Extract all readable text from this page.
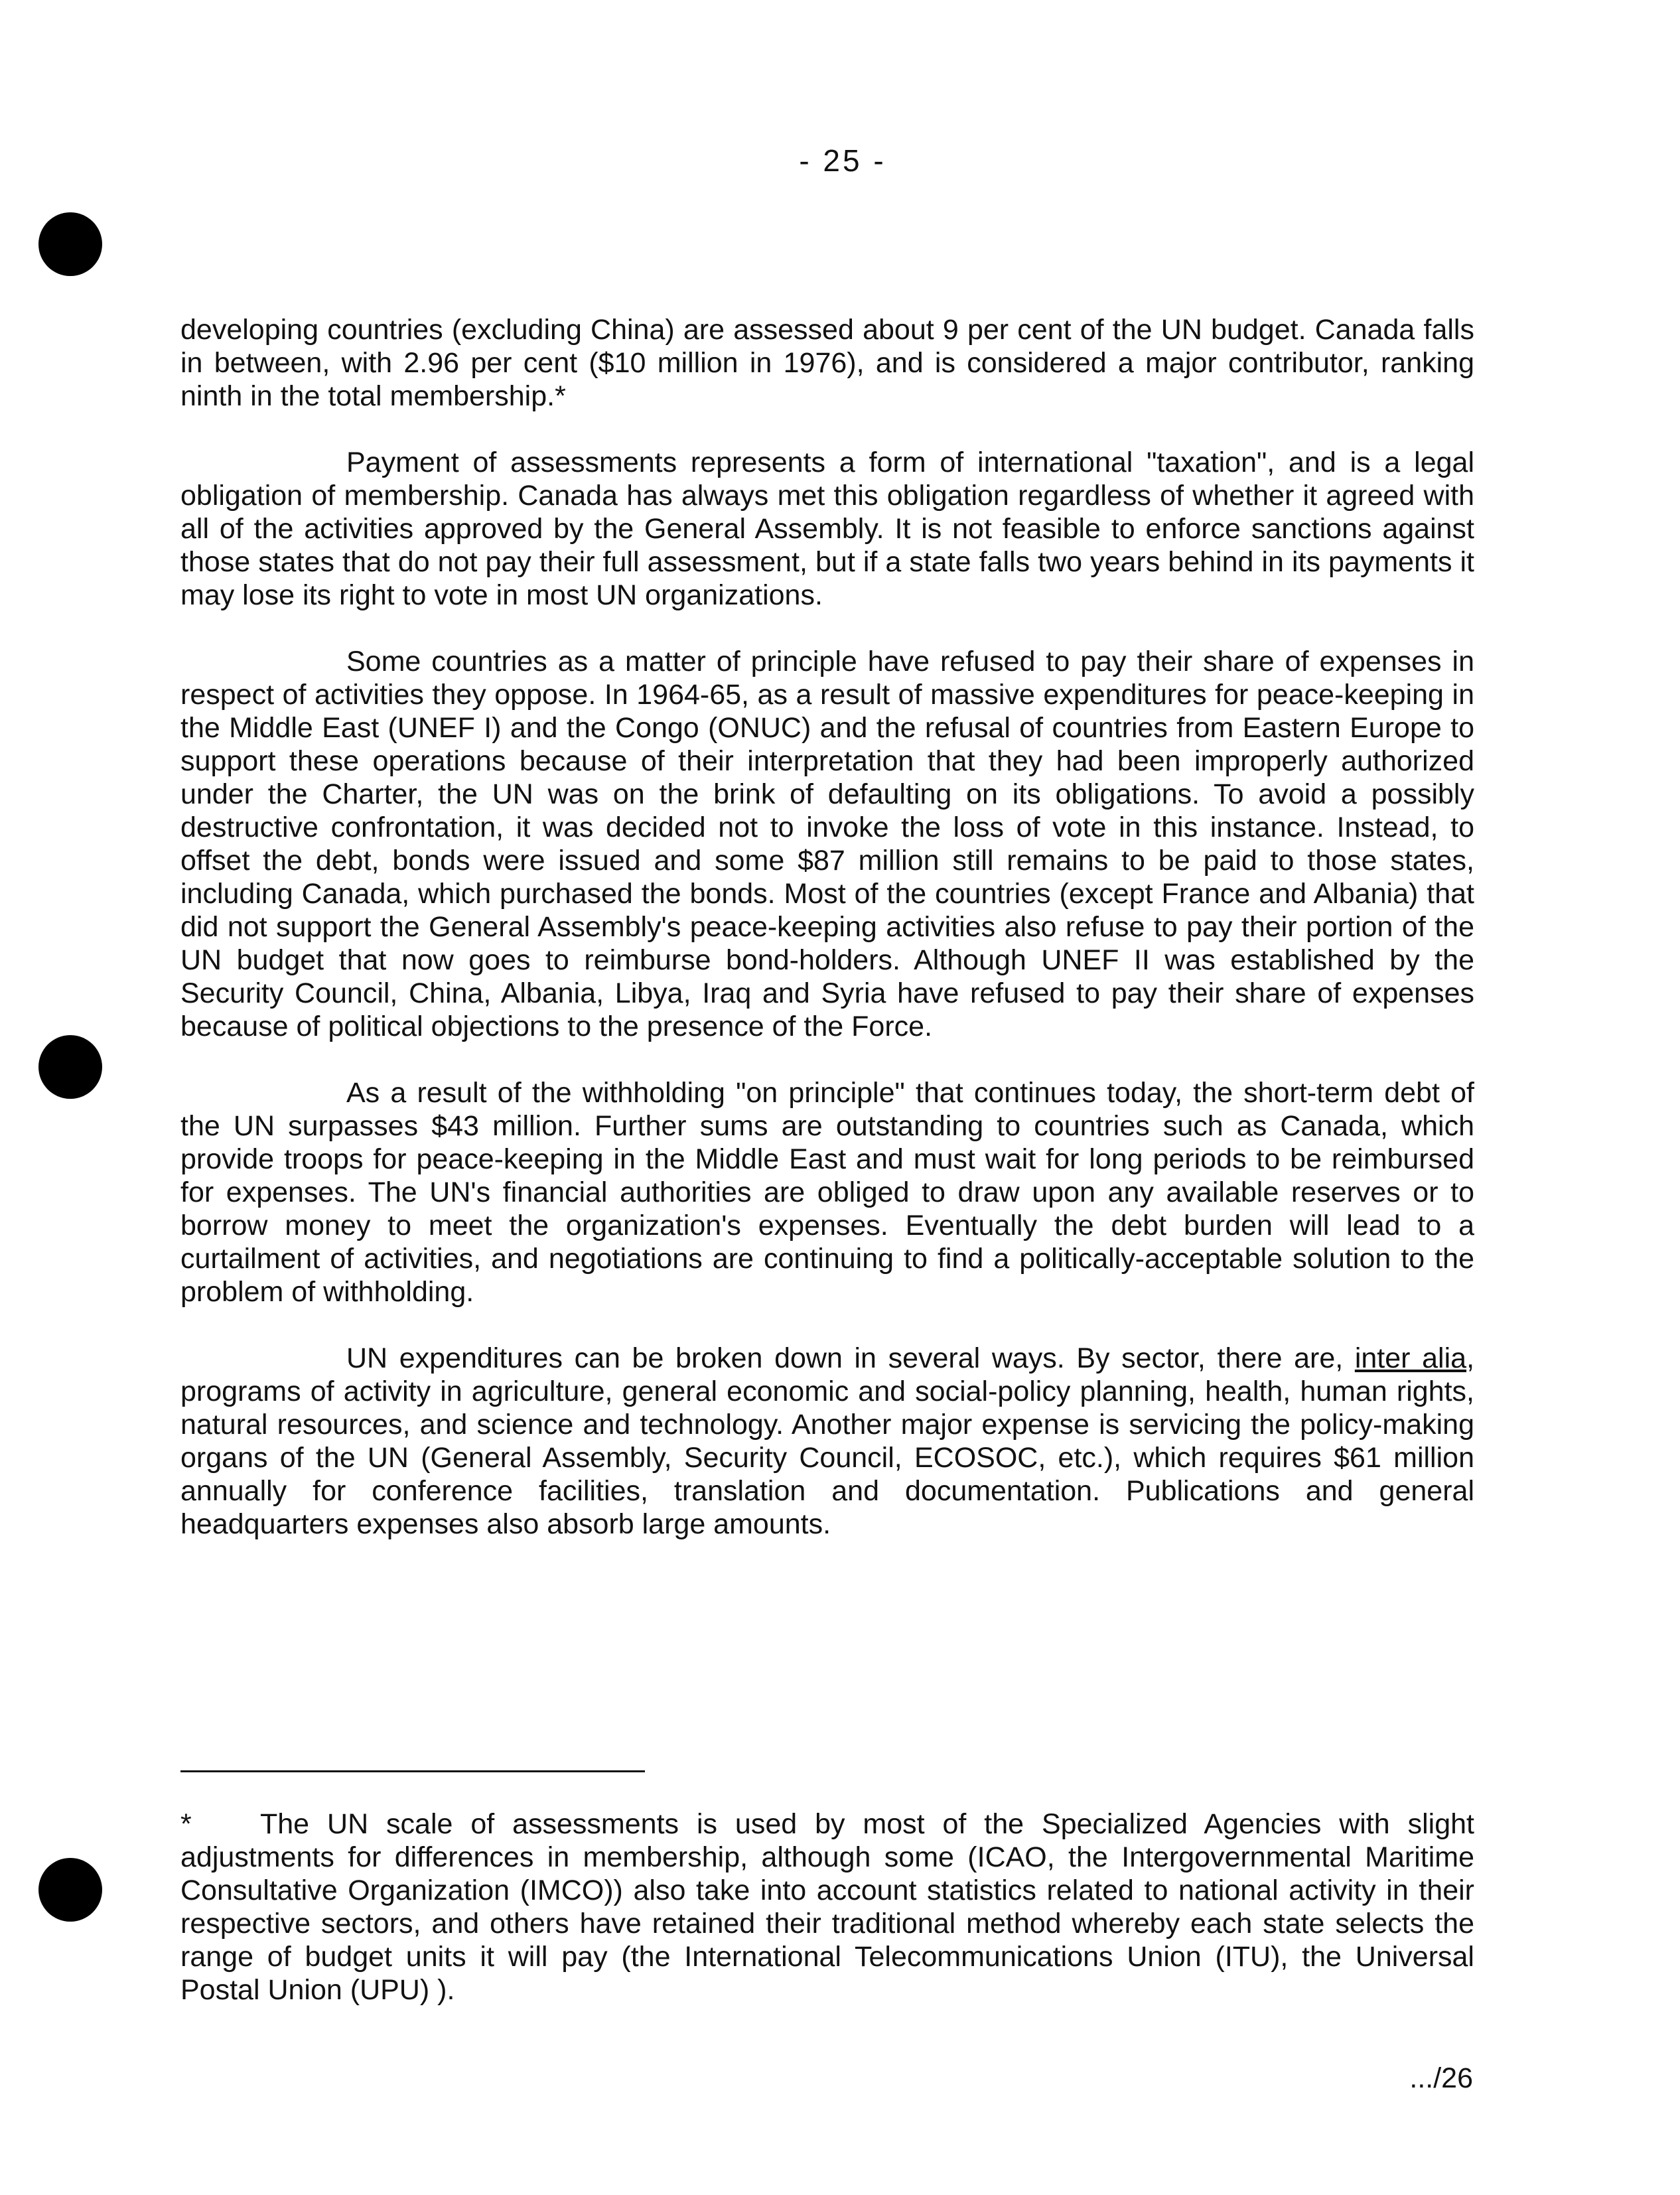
- 25 -

developing countries (excluding China) are assessed about 9 per cent of the UN budget. Canada falls in between, with 2.96 per cent ($10 million in 1976), and is considered a major contributor, ranking ninth in the total membership.*

Payment of assessments represents a form of international "taxation", and is a legal obligation of membership. Canada has always met this obligation regardless of whether it agreed with all of the activities approved by the General Assembly. It is not feasible to enforce sanctions against those states that do not pay their full assessment, but if a state falls two years behind in its payments it may lose its right to vote in most UN organizations.

Some countries as a matter of principle have refused to pay their share of expenses in respect of activities they oppose. In 1964-65, as a result of massive expenditures for peace-keeping in the Middle East (UNEF I) and the Congo (ONUC) and the refusal of countries from Eastern Europe to support these operations because of their interpretation that they had been improperly authorized under the Charter, the UN was on the brink of defaulting on its obligations. To avoid a possibly destructive confrontation, it was decided not to invoke the loss of vote in this instance. Instead, to offset the debt, bonds were issued and some $87 million still remains to be paid to those states, including Canada, which purchased the bonds. Most of the countries (except France and Albania) that did not support the General Assembly's peace-keeping activities also refuse to pay their portion of the UN budget that now goes to reimburse bond-holders. Although UNEF II was established by the Security Council, China, Albania, Libya, Iraq and Syria have refused to pay their share of expenses because of political objections to the presence of the Force.

As a result of the withholding "on principle" that continues today, the short-term debt of the UN surpasses $43 million. Further sums are outstanding to countries such as Canada, which provide troops for peace-keeping in the Middle East and must wait for long periods to be reimbursed for expenses. The UN's financial authorities are obliged to draw upon any available reserves or to borrow money to meet the organization's expenses. Eventually the debt burden will lead to a curtailment of activities, and negotiations are continuing to find a politically-acceptable solution to the problem of withholding.

UN expenditures can be broken down in several ways. By sector, there are, inter alia, programs of activity in agriculture, general economic and social-policy planning, health, human rights, natural resources, and science and technology. Another major expense is servicing the policy-making organs of the UN (General Assembly, Security Council, ECOSOC, etc.), which requires $61 million annually for conference facilities, translation and documentation. Publications and general headquarters expenses also absorb large amounts.

* The UN scale of assessments is used by most of the Specialized Agencies with slight adjustments for differences in membership, although some (ICAO, the Intergovernmental Maritime Consultative Organization (IMCO)) also take into account statistics related to national activity in their respective sectors, and others have retained their traditional method whereby each state selects the range of budget units it will pay (the International Telecommunications Union (ITU), the Universal Postal Union (UPU) ).

.../26
